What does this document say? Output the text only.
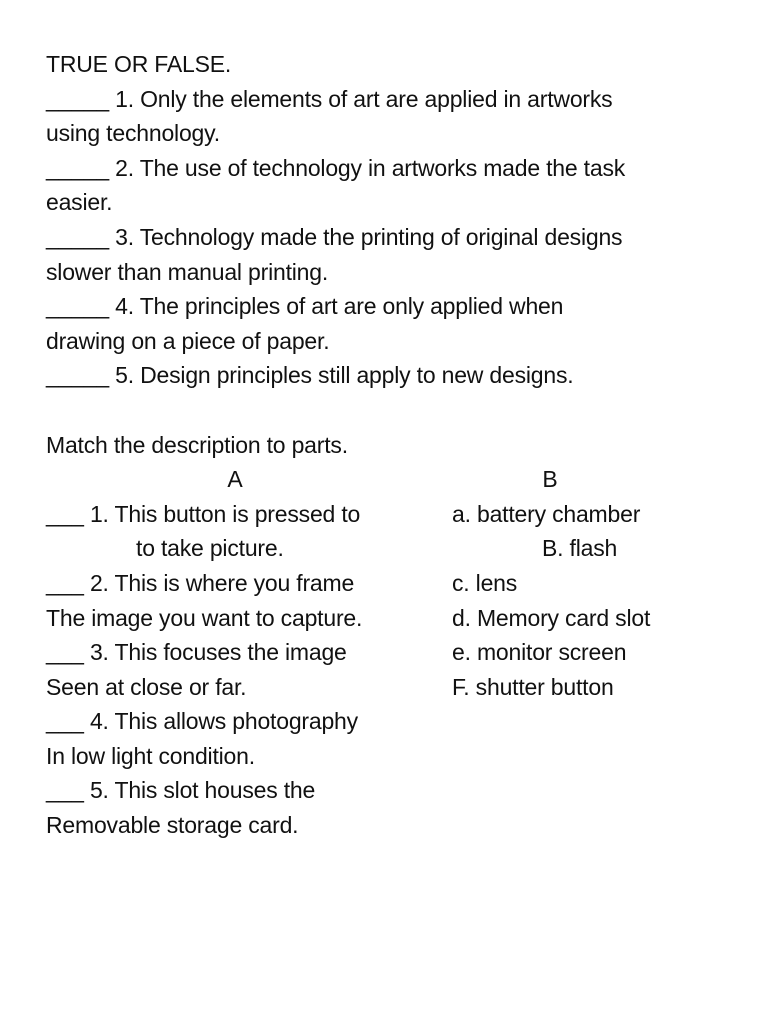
TRUE OR FALSE.
_____ 1. Only the elements of art are applied in artworks
using technology.
_____ 2. The use of technology in artworks made the task
easier.
_____ 3. Technology made the printing of original designs
slower than manual printing.
_____ 4. The principles of art are only applied when
drawing on a piece of paper.
_____ 5. Design principles still apply to new designs.
Match the description to parts.
A	B
___ 1. This button is pressed to	a. battery chamber
to take picture.	B. flash
___ 2. This is where you frame	c. lens
The image you want to capture.	d. Memory card slot
___ 3. This focuses the image	e. monitor screen
Seen at close or far.	F. shutter button
___ 4. This allows photography
In low light condition.
___ 5. This slot houses the
Removable storage card.
